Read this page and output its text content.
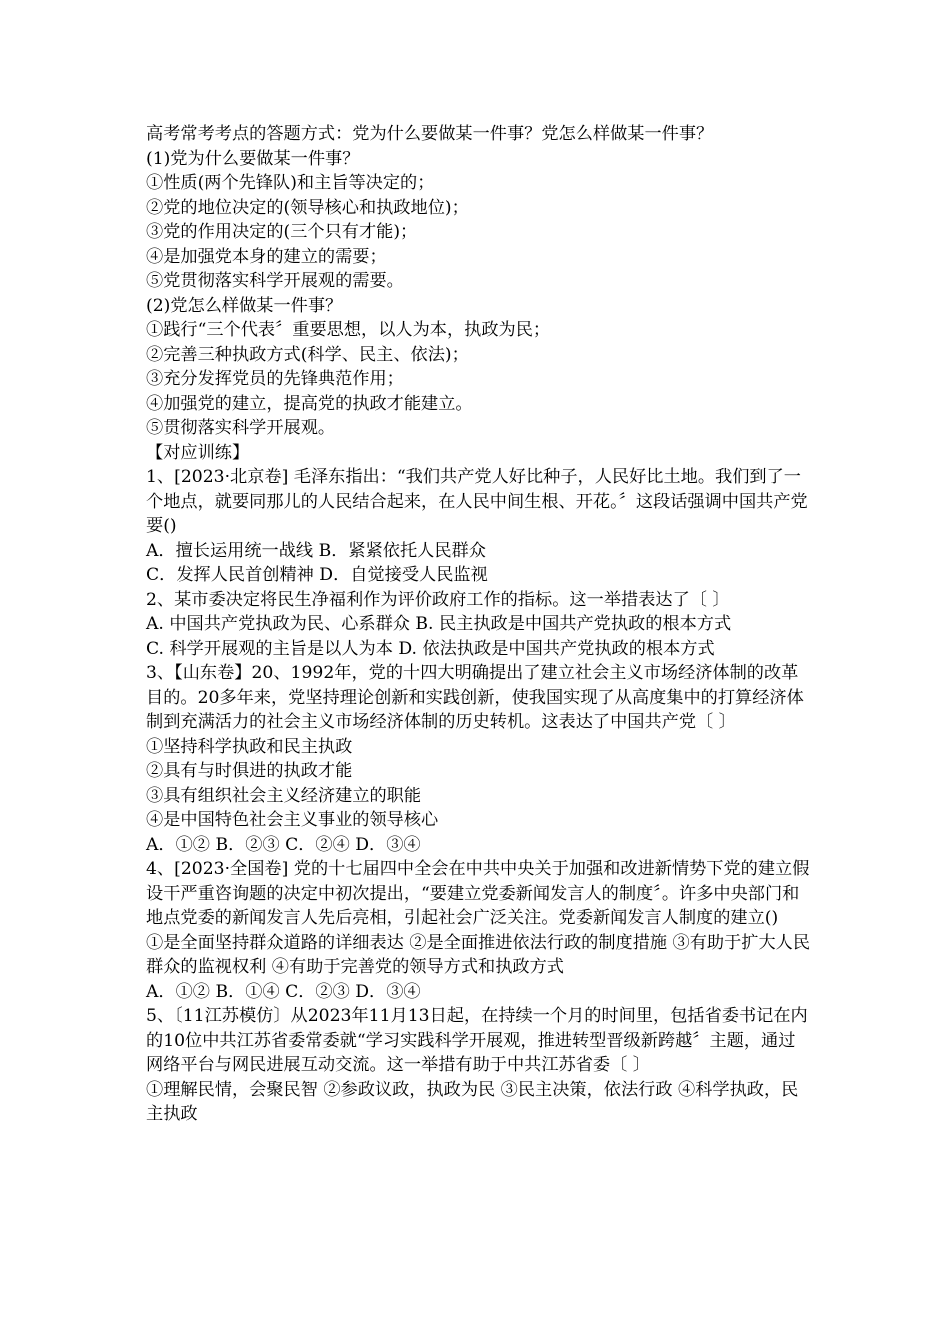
高考常考考点的答题方式：党为什么要做某一件事？党怎么样做某一件事？
(1)党为什么要做某一件事？
①性质(两个先锋队)和主旨等决定的；
②党的地位决定的(领导核心和执政地位)；
③党的作用决定的(三个只有才能)；
④是加强党本身的建立的需要；
⑤党贯彻落实科学开展观的需要。
(2)党怎么样做某一件事？
①践行“三个代表〞重要思想，以人为本，执政为民；
②完善三种执政方式(科学、民主、依法)；
③充分发挥党员的先锋典范作用；
④加强党的建立，提高党的执政才能建立。
⑤贯彻落实科学开展观。
【对应训练】
1、[2023·北京卷] 毛泽东指出：“我们共产党人好比种子，人民好比土地。我们到了一个地点，就要同那儿的人民结合起来，在人民中间生根、开花。〞这段话强调中国共产党要()
A．擅长运用统一战线 B．紧紧依托人民群众
C．发挥人民首创精神 D．自觉接受人民监视
2、某市委决定将民生净福利作为评价政府工作的指标。这一举措表达了〔 〕
A. 中国共产党执政为民、心系群众 B. 民主执政是中国共产党执政的根本方式
C. 科学开展观的主旨是以人为本 D. 依法执政是中国共产党执政的根本方式
3、【山东卷】20、1992年，党的十四大明确提出了建立社会主义市场经济体制的改革目的。20多年来，党坚持理论创新和实践创新，使我国实现了从高度集中的打算经济体制到充满活力的社会主义市场经济体制的历史转机。这表达了中国共产党〔 〕
①坚持科学执政和民主执政
②具有与时俱进的执政才能
③具有组织社会主义经济建立的职能
④是中国特色社会主义事业的领导核心
A．①② B．②③ C．②④ D．③④
4、[2023·全国卷] 党的十七届四中全会在中共中央关于加强和改进新情势下党的建立假设干严重咨询题的决定中初次提出，“要建立党委新闻发言人的制度〞。许多中央部门和地点党委的新闻发言人先后亮相，引起社会广泛关注。党委新闻发言人制度的建立()
①是全面坚持群众道路的详细表达 ②是全面推进依法行政的制度措施 ③有助于扩大人民群众的监视权利 ④有助于完善党的领导方式和执政方式
A．①② B．①④ C．②③ D．③④
5、〔11江苏模仿〕从2023年11月13日起，在持续一个月的时间里，包括省委书记在内的10位中共江苏省委常委就“学习实践科学开展观，推进转型晋级新跨越〞主题，通过网络平台与网民进展互动交流。这一举措有助于中共江苏省委〔 〕
①理解民情，会聚民智 ②参政议政，执政为民 ③民主决策，依法行政 ④科学执政，民主执政
